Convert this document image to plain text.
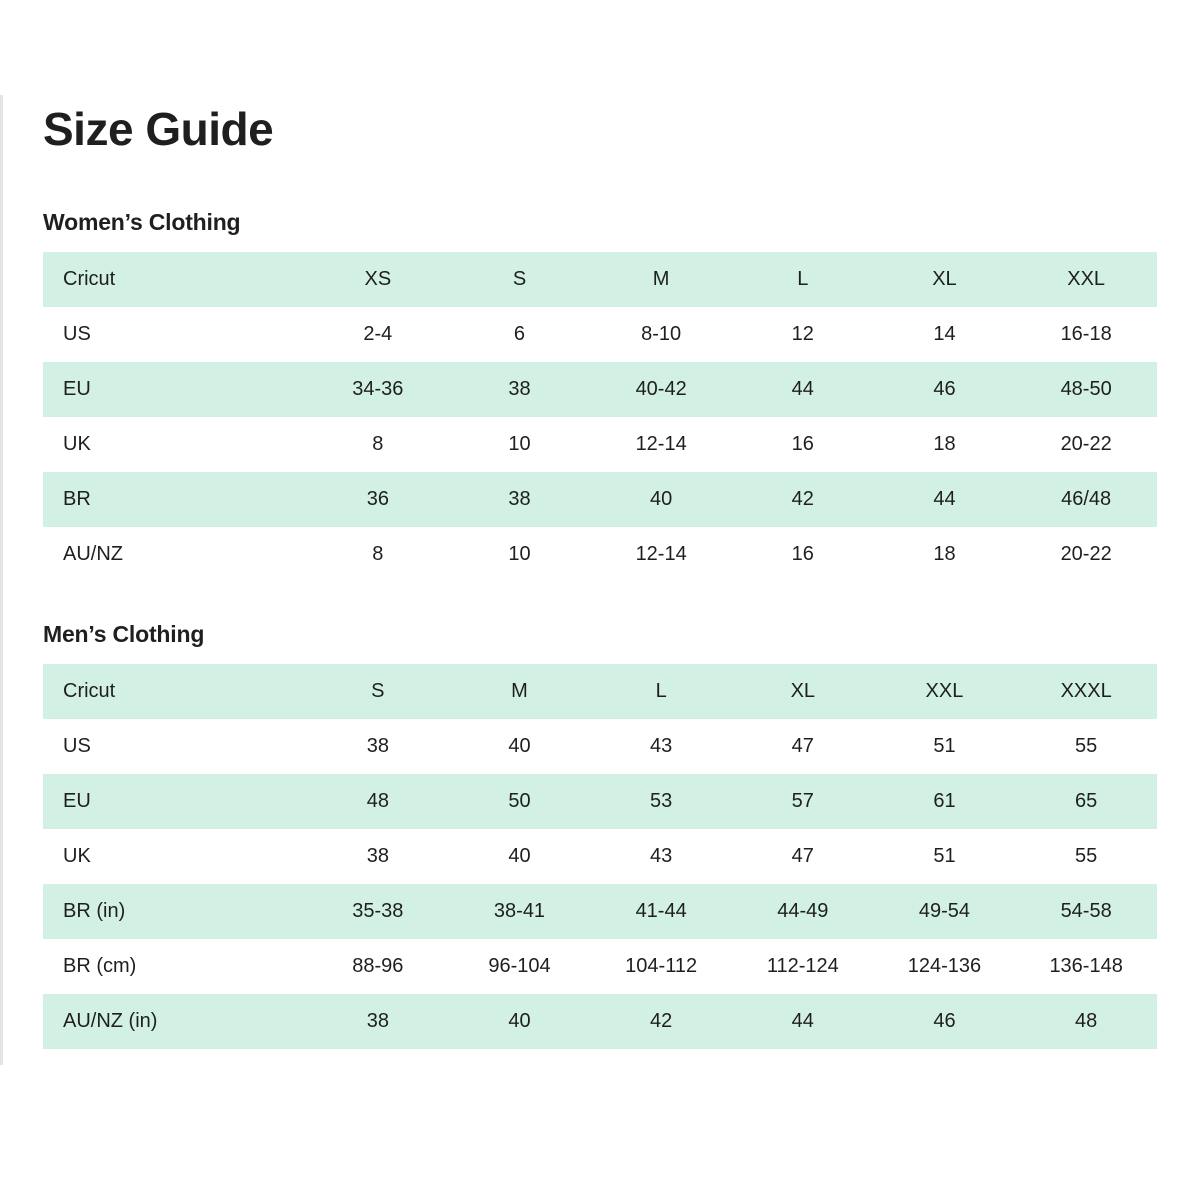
Size Guide
Women’s Clothing
Cricut	XS	S	M	L	XL	XXL
US	2-4	6	8-10	12	14	16-18
EU	34-36	38	40-42	44	46	48-50
UK	8	10	12-14	16	18	20-22
BR	36	38	40	42	44	46/48
AU/NZ	8	10	12-14	16	18	20-22
Men’s Clothing
Cricut	S	M	L	XL	XXL	XXXL
US	38	40	43	47	51	55
EU	48	50	53	57	61	65
UK	38	40	43	47	51	55
BR (in)	35-38	38-41	41-44	44-49	49-54	54-58
BR (cm)	88-96	96-104	104-112	112-124	124-136	136-148
AU/NZ (in)	38	40	42	44	46	48
